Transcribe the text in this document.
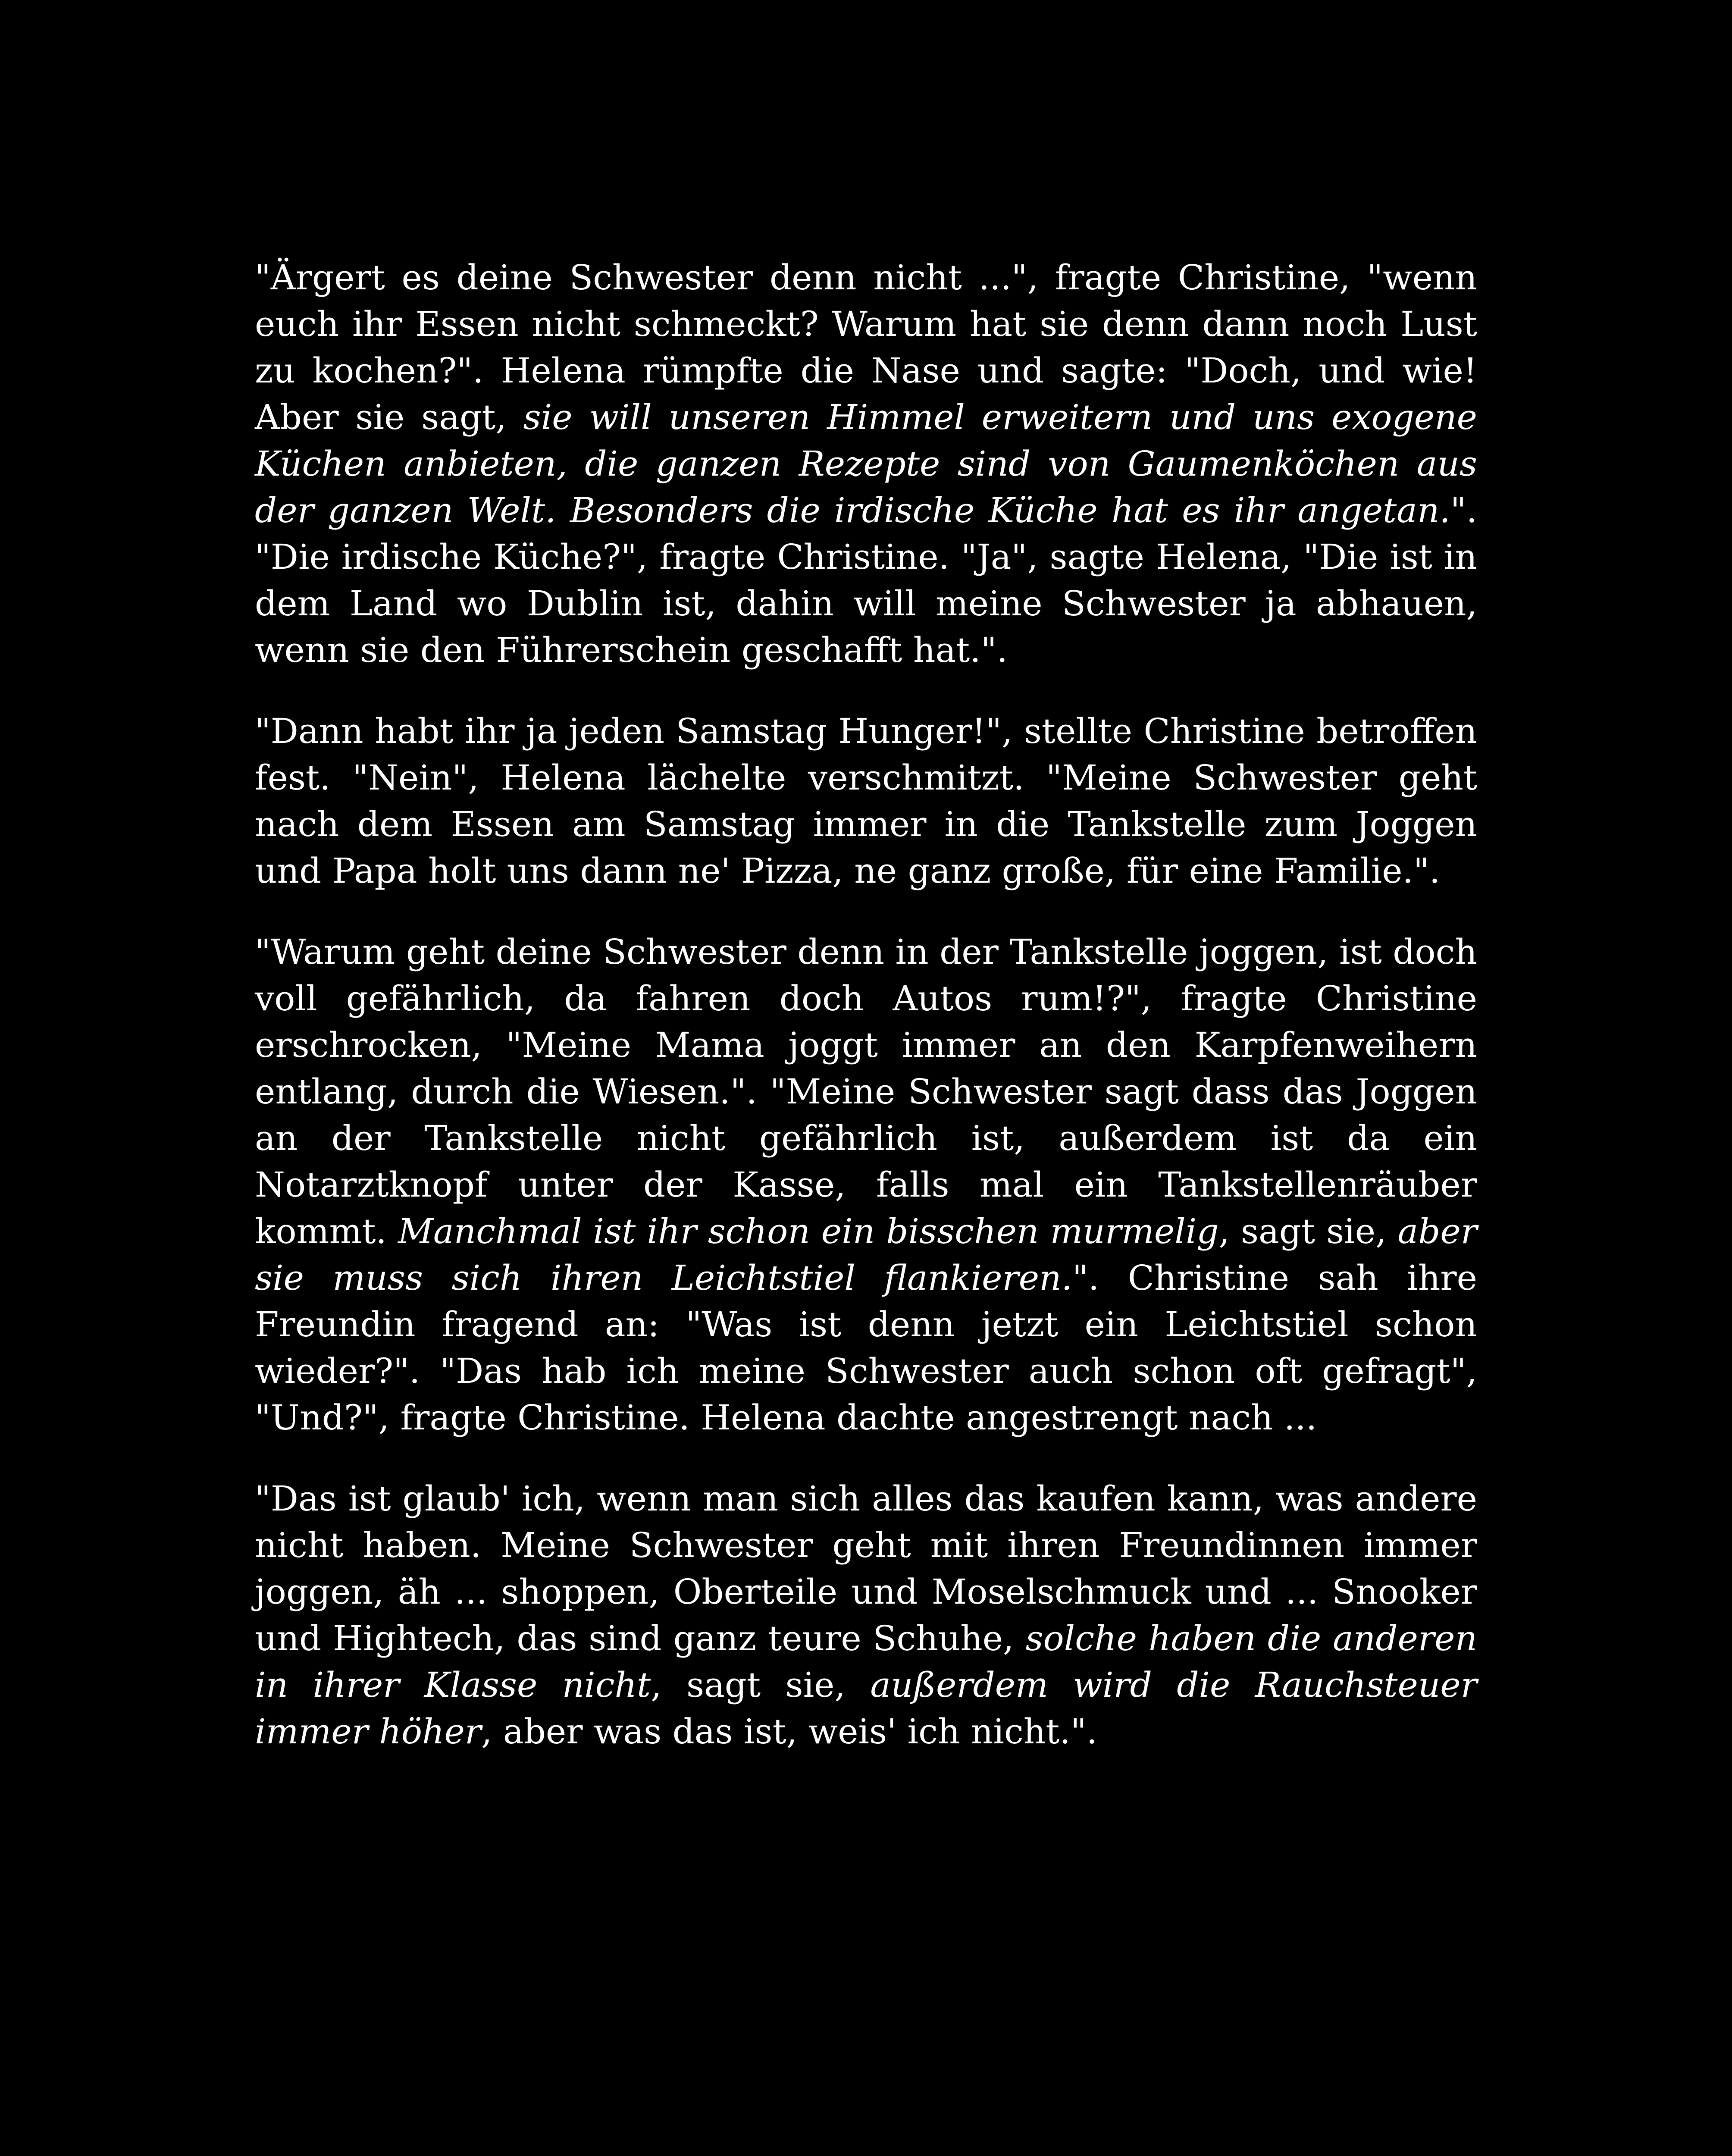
"Ärgert es deine Schwester denn nicht ...", fragte Christine, "wenn euch ihr Essen nicht schmeckt? Warum hat sie denn dann noch Lust zu kochen?". Helena rümpfte die Nase und sagte: "Doch, und wie! Aber sie sagt, sie will unseren Himmel erweitern und uns exogene Küchen anbieten, die ganzen Rezepte sind von Gaumenköchen aus der ganzen Welt. Besonders die irdische Küche hat es ihr angetan.". "Die irdische Küche?", fragte Christine. "Ja", sagte Helena, "Die ist in dem Land wo Dublin ist, dahin will meine Schwester ja abhauen, wenn sie den Führerschein geschafft hat.".

"Dann habt ihr ja jeden Samstag Hunger!", stellte Christine betroffen fest. "Nein", Helena lächelte verschmitzt. "Meine Schwester geht nach dem Essen am Samstag immer in die Tankstelle zum Joggen und Papa holt uns dann ne' Pizza, ne ganz große, für eine Familie.".

"Warum geht deine Schwester denn in der Tankstelle joggen, ist doch voll gefährlich, da fahren doch Autos rum!?", fragte Christine erschrocken, "Meine Mama joggt immer an den Karpfenweihern entlang, durch die Wiesen.". "Meine Schwester sagt dass das Joggen an der Tankstelle nicht gefährlich ist, außerdem ist da ein Notarztknopf unter der Kasse, falls mal ein Tankstellenräuber kommt. Manchmal ist ihr schon ein bisschen murmelig, sagt sie, aber sie muss sich ihren Leichtstiel flankieren.". Christine sah ihre Freundin fragend an: "Was ist denn jetzt ein Leichtstiel schon wieder?". "Das hab ich meine Schwester auch schon oft gefragt", "Und?", fragte Christine. Helena dachte angestrengt nach ...

"Das ist glaub' ich, wenn man sich alles das kaufen kann, was andere nicht haben. Meine Schwester geht mit ihren Freundinnen immer joggen, äh ... shoppen, Oberteile und Moselschmuck und ... Snooker und Hightech, das sind ganz teure Schuhe, solche haben die anderen in ihrer Klasse nicht, sagt sie, außerdem wird die Rauchsteuer immer höher, aber was das ist, weis' ich nicht.".
